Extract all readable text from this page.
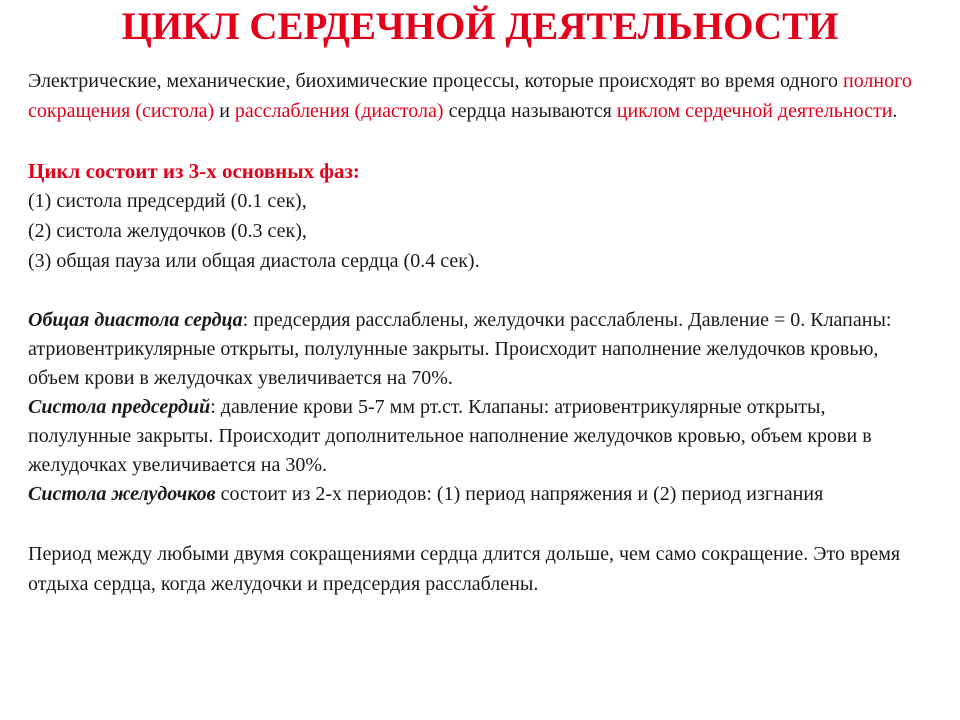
ЦИКЛ СЕРДЕЧНОЙ ДЕЯТЕЛЬНОСТИ

Электрические, механические, биохимические процессы, которые происходят во время одного полного сокращения (систола) и расслабления (диастола) сердца называются циклом сердечной деятельности.

Цикл состоит из 3-х основных фаз:

(1) систола предсердий (0.1 сек),

(2) систола желудочков (0.3 сек),

(3) общая пауза или общая диастола сердца (0.4 сек).

Общая диастола сердца: предсердия расслаблены, желудочки расслаблены. Давление = 0. Клапаны: атриовентрикулярные открыты, полулунные закрыты. Происходит наполнение желудочков кровью, объем крови в желудочках увеличивается на 70%.

Систола предсердий: давление крови 5-7 мм рт.ст. Клапаны: атриовентрикулярные открыты, полулунные закрыты. Происходит дополнительное наполнение желудочков кровью, объем крови в желудочках увеличивается на 30%.

Систола желудочков состоит из 2-х периодов: (1) период напряжения и (2) период изгнания

Период между любыми двумя сокращениями сердца длится дольше, чем само сокращение. Это время отдыха сердца, когда желудочки и предсердия расслаблены.
